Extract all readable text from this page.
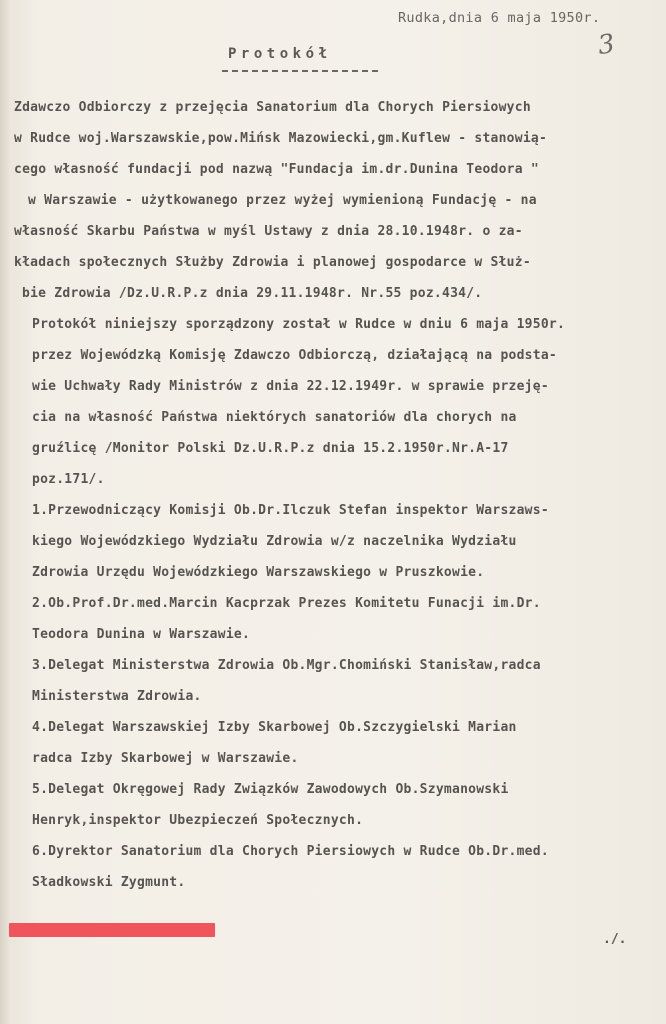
Rudka,dnia 6 maja 1950r.
3
Protokół
Zdawczo Odbiorczy z przejęcia Sanatorium dla Chorych Piersiowych
w Rudce woj.Warszawskie,pow.Mińsk Mazowiecki,gm.Kuflew - stanowią-
cego własność fundacji pod nazwą "Fundacja im.dr.Dunina Teodora "
w Warszawie - użytkowanego przez wyżej wymienioną Fundację - na
własność Skarbu Państwa w myśl Ustawy z dnia 28.10.1948r. o za-
kładach społecznych Służby Zdrowia i planowej gospodarce w Służ-
bie Zdrowia /Dz.U.R.P.z dnia 29.11.1948r. Nr.55 poz.434/.
Protokół niniejszy sporządzony został w Rudce w dniu 6 maja 1950r.
przez Wojewódzką Komisję Zdawczo Odbiorczą, działającą na podsta-
wie Uchwały Rady Ministrów z dnia 22.12.1949r. w sprawie przeję-
cia na własność Państwa niektórych sanatoriów dla chorych na
gruźlicę /Monitor Polski Dz.U.R.P.z dnia 15.2.1950r.Nr.A-17
poz.171/.
1.Przewodniczący Komisji Ob.Dr.Ilczuk Stefan inspektor Warszaws-
kiego Wojewódzkiego Wydziału Zdrowia w/z naczelnika Wydziału
Zdrowia Urzędu Wojewódzkiego Warszawskiego w Pruszkowie.
2.Ob.Prof.Dr.med.Marcin Kacprzak Prezes Komitetu Funacji im.Dr.
Teodora Dunina w Warszawie.
3.Delegat Ministerstwa Zdrowia Ob.Mgr.Chomiński Stanisław,radca
Ministerstwa Zdrowia.
4.Delegat Warszawskiej Izby Skarbowej Ob.Szczygielski Marian
radca Izby Skarbowej w Warszawie.
5.Delegat Okręgowej Rady Związków Zawodowych Ob.Szymanowski
Henryk,inspektor Ubezpieczeń Społecznych.
6.Dyrektor Sanatorium dla Chorych Piersiowych w Rudce Ob.Dr.med.
Sładkowski Zygmunt.
./.
